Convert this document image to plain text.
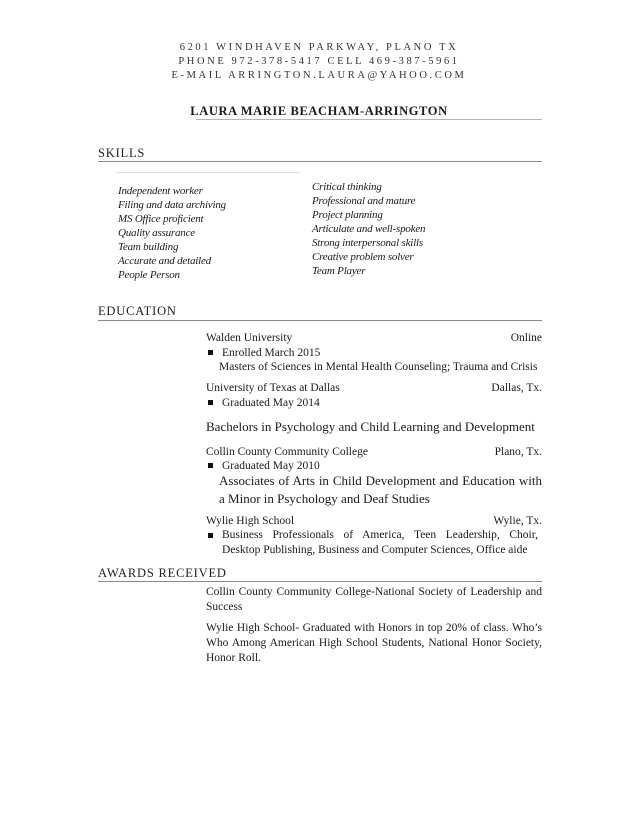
6201 WINDHAVEN PARKWAY, PLANO TX
PHONE 972-378-5417 CELL 469-387-5961
E-MAIL ARRINGTON.LAURA@YAHOO.COM
LAURA MARIE BEACHAM-ARRINGTON
SKILLS
Independent worker
Filing and data archiving
MS Office proficient
Quality assurance
Team building
Accurate and detailed
People Person
Critical thinking
Professional and mature
Project planning
Articulate and well-spoken
Strong interpersonal skills
Creative problem solver
Team Player
EDUCATION
Walden University	Online
Enrolled March 2015
Masters of Sciences in Mental Health Counseling; Trauma and Crisis
University of Texas at Dallas	Dallas, Tx.
Graduated May 2014
Bachelors in Psychology and Child Learning and Development
Collin County Community College	Plano, Tx.
Graduated May 2010
Associates of Arts in Child Development and Education with a Minor in Psychology and Deaf Studies
Wylie High School	Wylie, Tx.
Business Professionals of America, Teen Leadership, Choir, Desktop Publishing, Business and Computer Sciences, Office aide
AWARDS RECEIVED
Collin County Community College-National Society of Leadership and Success
Wylie High School- Graduated with Honors in top 20% of class. Who’s Who Among American High School Students, National Honor Society, Honor Roll.
